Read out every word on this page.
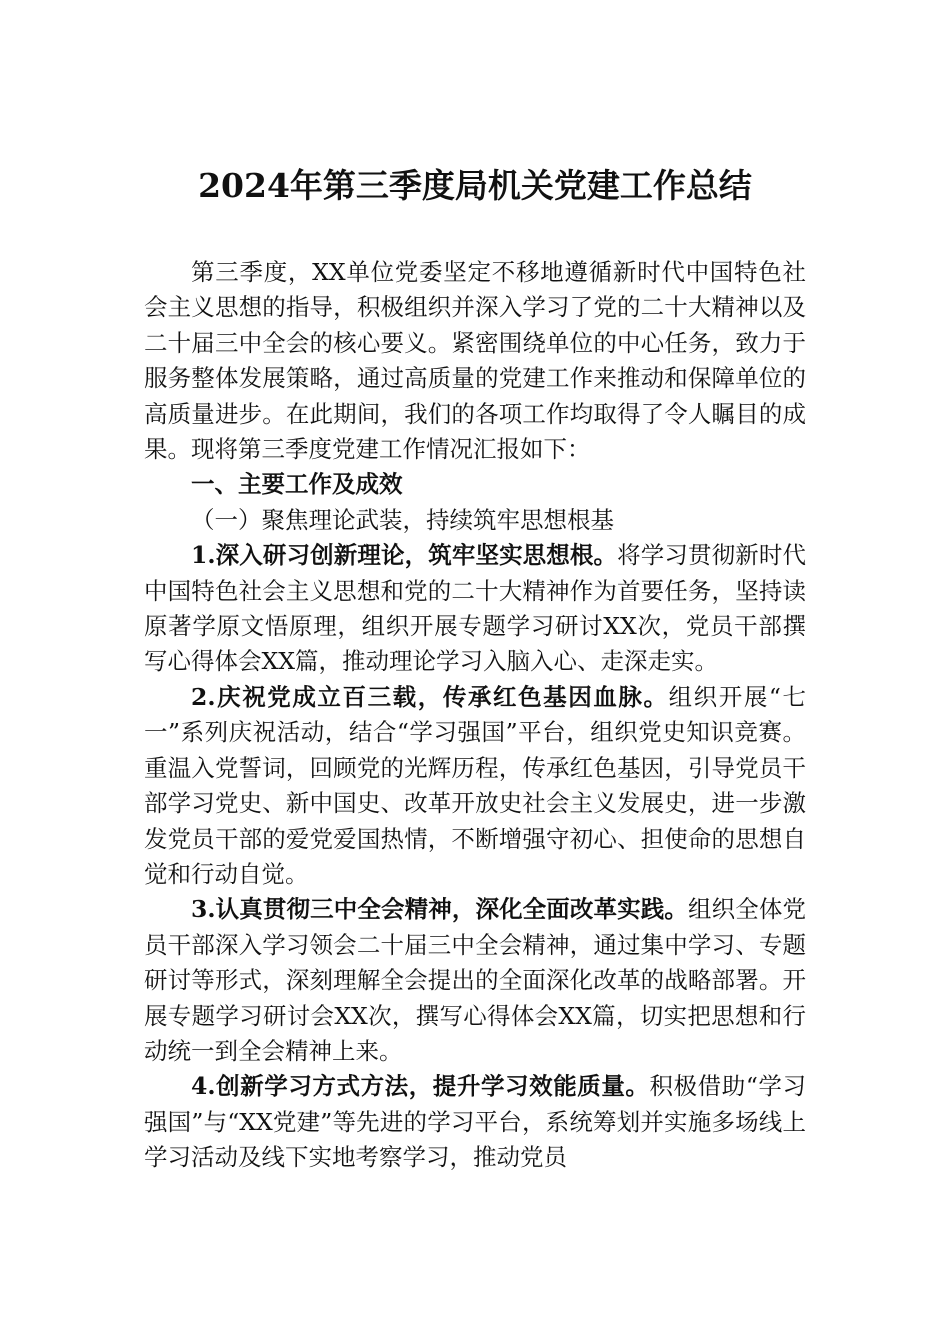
2024年第三季度局机关党建工作总结

第三季度，XX单位党委坚定不移地遵循新时代中国特色社会主义思想的指导，积极组织并深入学习了党的二十大精神以及二十届三中全会的核心要义。紧密围绕单位的中心任务，致力于服务整体发展策略，通过高质量的党建工作来推动和保障单位的高质量进步。在此期间，我们的各项工作均取得了令人瞩目的成果。现将第三季度党建工作情况汇报如下：

一、主要工作及成效

（一）聚焦理论武装，持续筑牢思想根基

1.深入研习创新理论，筑牢坚实思想根。将学习贯彻新时代中国特色社会主义思想和党的二十大精神作为首要任务，坚持读原著学原文悟原理，组织开展专题学习研讨XX次，党员干部撰写心得体会XX篇，推动理论学习入脑入心、走深走实。

2.庆祝党成立百三载，传承红色基因血脉。组织开展“七一”系列庆祝活动，结合“学习强国”平台，组织党史知识竞赛。重温入党誓词，回顾党的光辉历程，传承红色基因，引导党员干部学习党史、新中国史、改革开放史社会主义发展史，进一步激发党员干部的爱党爱国热情，不断增强守初心、担使命的思想自觉和行动自觉。

3.认真贯彻三中全会精神，深化全面改革实践。组织全体党员干部深入学习领会二十届三中全会精神，通过集中学习、专题研讨等形式，深刻理解全会提出的全面深化改革的战略部署。开展专题学习研讨会XX次，撰写心得体会XX篇，切实把思想和行动统一到全会精神上来。

4.创新学习方式方法，提升学习效能质量。积极借助“学习强国”与“XX党建”等先进的学习平台，系统筹划并实施多场线上学习活动及线下实地考察学习，推动党员
